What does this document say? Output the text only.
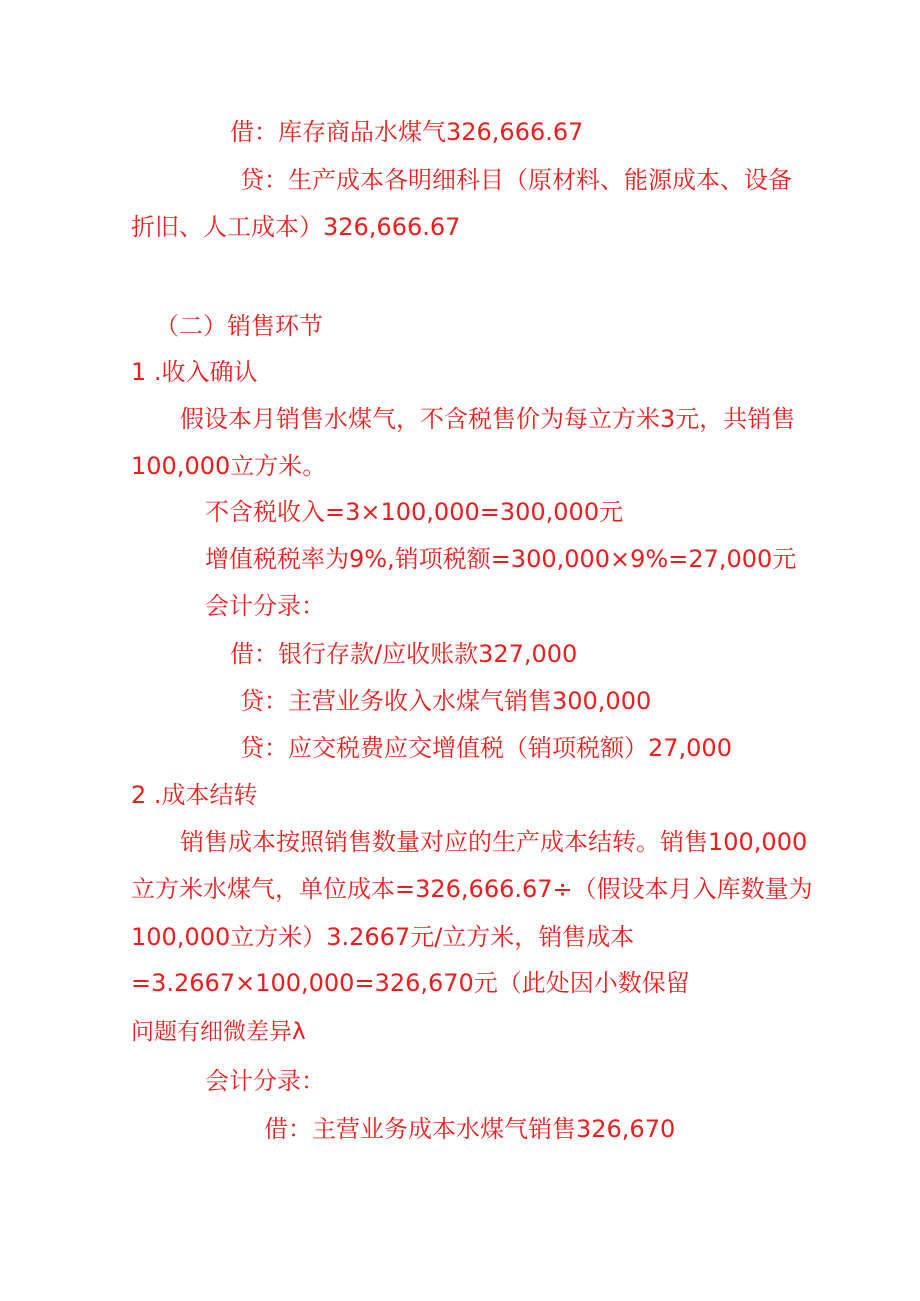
借：库存商品水煤气326,666.67
贷：生产成本各明细科目（原材料、能源成本、设备
折旧、人工成本）326,666.67
（二）销售环节
1 .收入确认
假设本月销售水煤气，不含税售价为每立方米3元，共销售
100,000立方米。
不含税收入=3×100,000=300,000元
增值税税率为9%,销项税额=300,000×9%=27,000元
会计分录：
借：银行存款/应收账款327,000
贷：主营业务收入水煤气销售300,000
贷：应交税费应交增值税（销项税额）27,000
2 .成本结转
销售成本按照销售数量对应的生产成本结转。销售100,000
立方米水煤气，单位成本=326,666.67÷（假设本月入库数量为
100,000立方米）3.2667元/立方米，销售成本
=3.2667×100,000=326,670元（此处因小数保留
问题有细微差异λ
会计分录：
借：主营业务成本水煤气销售326,670
